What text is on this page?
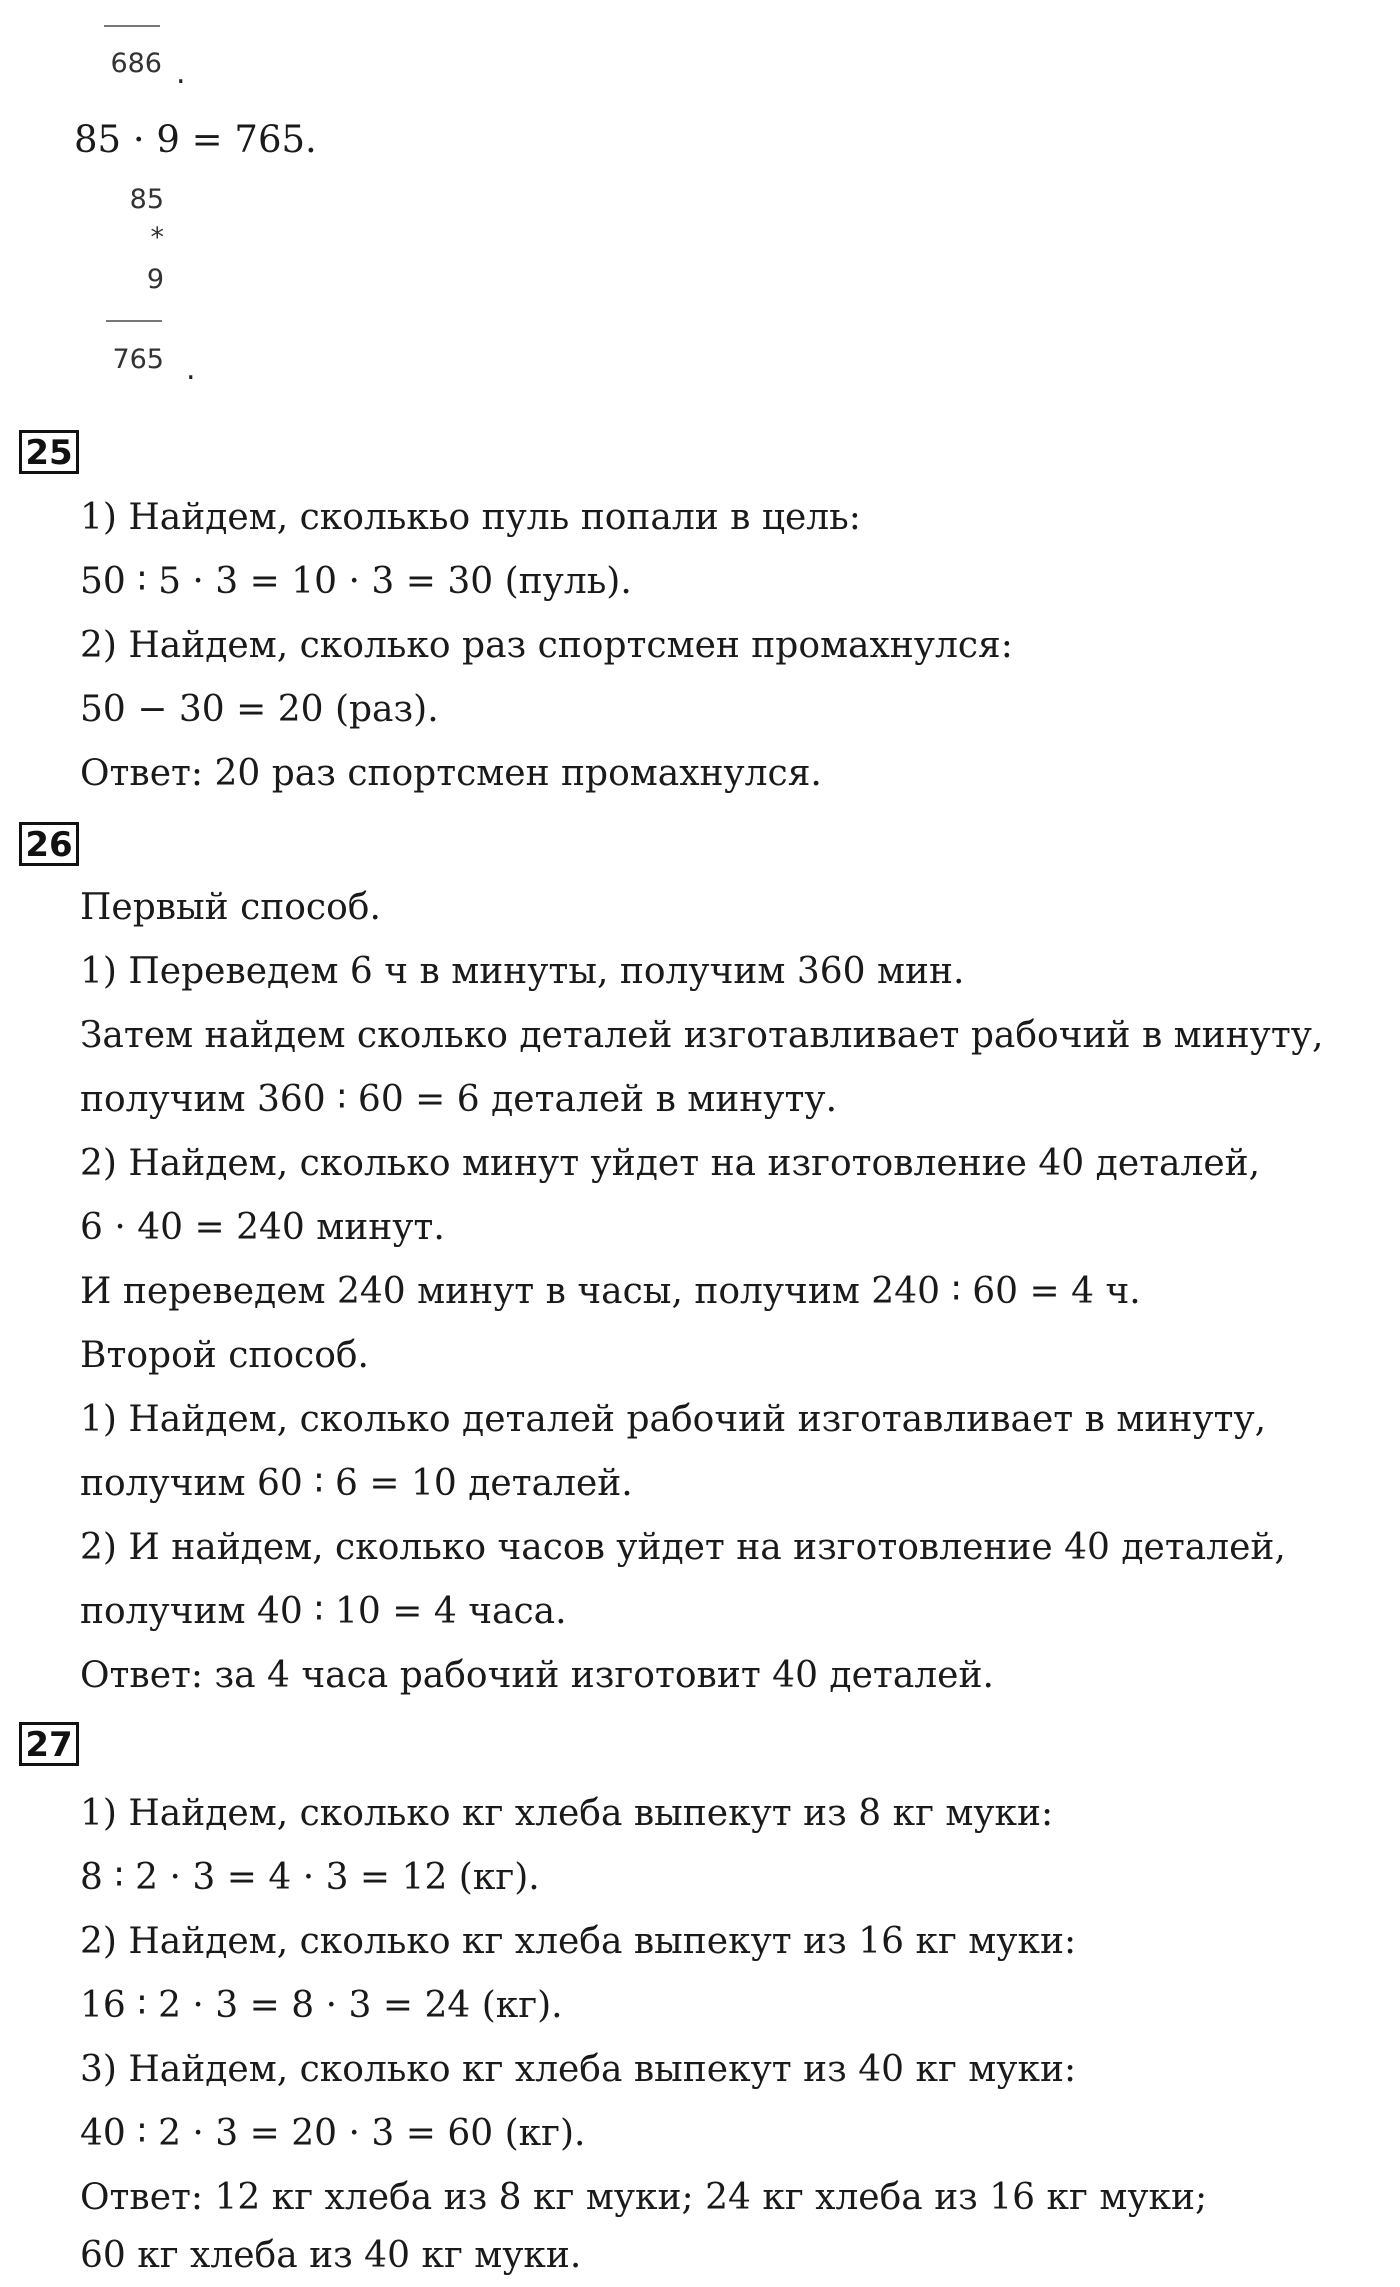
686 .
85 · 9 = 765.
85
*
9
765 .
25
1) Найдем, сколькьо пуль попали в цель:
50 ∶ 5 · 3 = 10 · 3 = 30 (пуль).
2) Найдем, сколько раз спортсмен промахнулся:
50 − 30 = 20 (раз).
Ответ: 20 раз спортсмен промахнулся.
26
Первый способ.
1) Переведем 6 ч в минуты, получим 360 мин.
Затем найдем сколько деталей изготавливает рабочий в минуту,
получим 360 ∶ 60 = 6 деталей в минуту.
2) Найдем, сколько минут уйдет на изготовление 40 деталей,
6 · 40 = 240 минут.
И переведем 240 минут в часы, получим 240 ∶ 60 = 4 ч.
Второй способ.
1) Найдем, сколько деталей рабочий изготавливает в минуту,
получим 60 ∶ 6 = 10 деталей.
2) И найдем, сколько часов уйдет на изготовление 40 деталей,
получим 40 ∶ 10 = 4 часа.
Ответ: за 4 часа рабочий изготовит 40 деталей.
27
1) Найдем, сколько кг хлеба выпекут из 8 кг муки:
8 ∶ 2 · 3 = 4 · 3 = 12 (кг).
2) Найдем, сколько кг хлеба выпекут из 16 кг муки:
16 ∶ 2 · 3 = 8 · 3 = 24 (кг).
3) Найдем, сколько кг хлеба выпекут из 40 кг муки:
40 ∶ 2 · 3 = 20 · 3 = 60 (кг).
Ответ: 12 кг хлеба из 8 кг муки; 24 кг хлеба из 16 кг муки;
60 кг хлеба из 40 кг муки.
